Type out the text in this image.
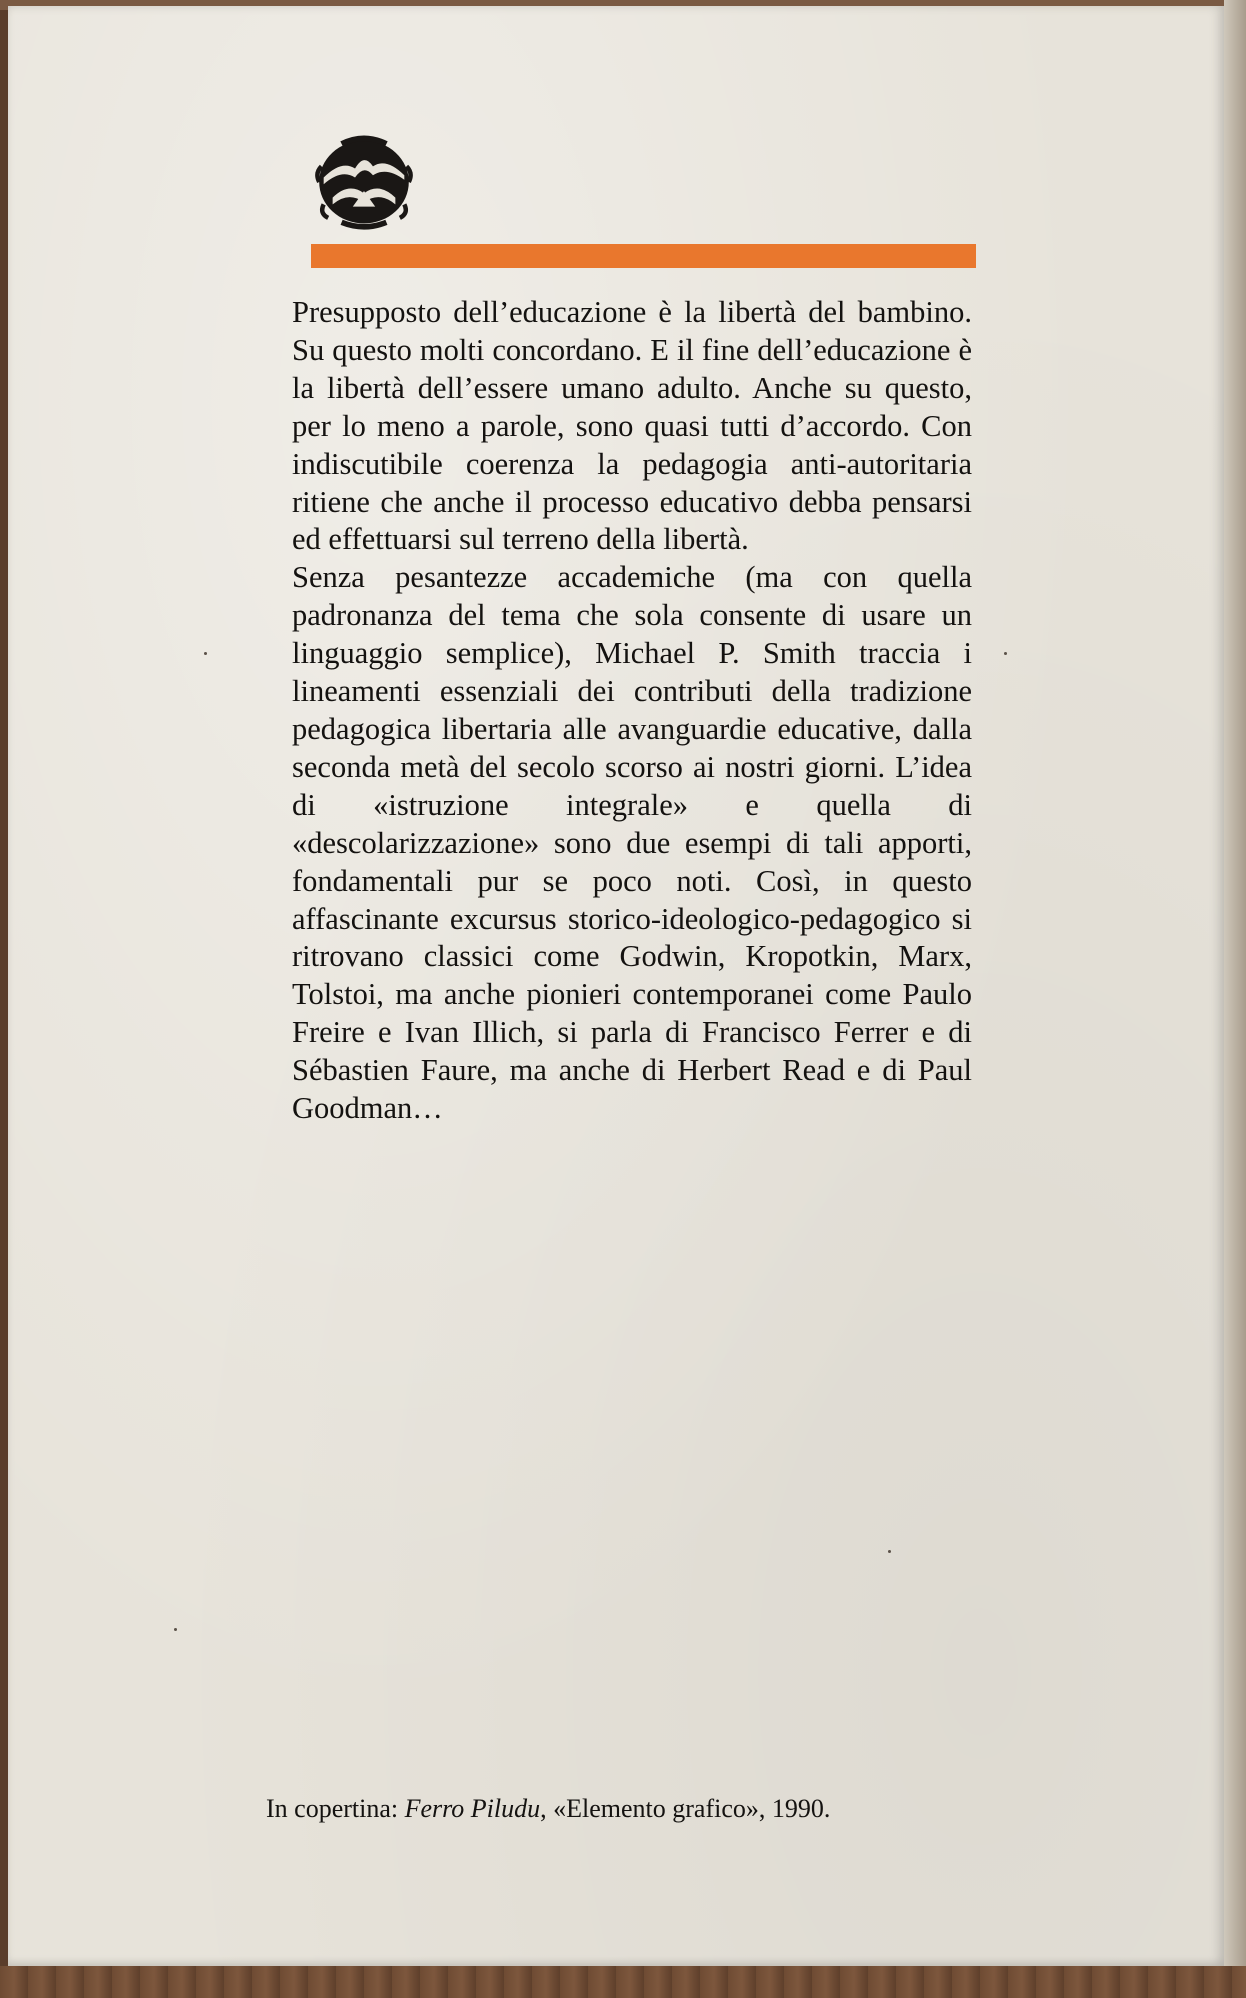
Presupposto dell’educazione è la libertà del bambino. Su questo molti concordano. E il fine dell’educazione è la libertà dell’essere umano adulto. Anche su questo, per lo meno a parole, sono quasi tutti d’accordo. Con indiscutibile coerenza la pedagogia anti-autoritaria ritiene che anche il processo educativo debba pensarsi ed effettuarsi sul terreno della libertà.

Senza pesantezze accademiche (ma con quella padronanza del tema che sola consente di usare un linguaggio semplice), Michael P. Smith traccia i lineamenti essenziali dei contributi della tradizione pedagogica libertaria alle avanguardie educative, dalla seconda metà del secolo scorso ai nostri giorni. L’idea di «istruzione integrale» e quella di «descolarizzazione» sono due esempi di tali apporti, fondamentali pur se poco noti. Così, in questo affascinante excursus storico-ideologico-pedagogico si ritrovano classici come Godwin, Kropotkin, Marx, Tolstoi, ma anche pionieri contemporanei come Paulo Freire e Ivan Illich, si parla di Francisco Ferrer e di Sébastien Faure, ma anche di Herbert Read e di Paul Goodman…

In copertina: Ferro Piludu, «Elemento grafico», 1990.
